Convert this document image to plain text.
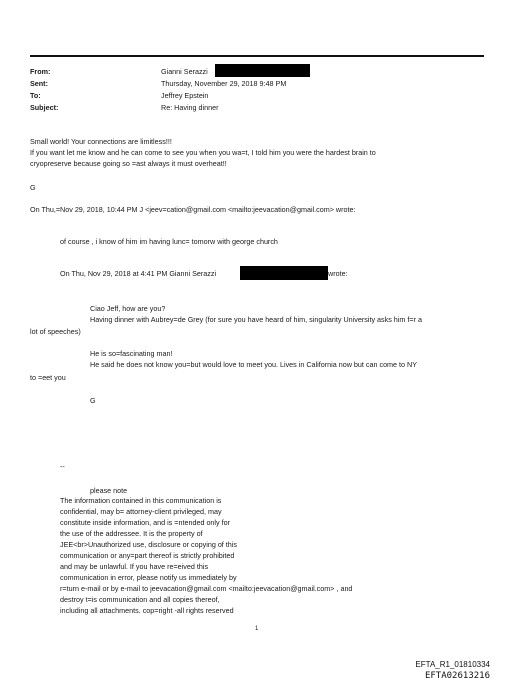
From:	Gianni Serazzi
Sent:	Thursday, November 29, 2018 9:48 PM
To:	Jeffrey Epstein
Subject:	Re: Having dinner
Small world! Your connections are limitless!!!
If you want let me know and he can come to see you when you wa=t, I told him you were the hardest brain to
cryopreserve because going so =ast always it must overheat!!
G
On Thu,=Nov 29, 2018, 10:44 PM J <jeev=cation@gmail.com <mailto:jeevacation@gmail.com> wrote:
of course , i know of him im having lunc= tomorw with george church
On Thu, Nov 29, 2018 at 4:41 PM Gianni Serazzi	wrote:
Ciao Jeff, how are you?
Having dinner with Aubrey=de Grey (for sure you have heard of him, singularity University asks him f=r a
lot of speeches)
He is so=fascinating man!
He said he does not know you=but would love to meet you. Lives in California now but can come to NY
to =eet you
G
--
please note
The information contained in this communication is
confidential, may b= attorney-client privileged, may
constitute inside information, and is =ntended only for
the use of the addressee. It is the property of
JEE<br>Unauthorized use, disclosure or copying of this
communication or any=part thereof is strictly prohibited
and may be unlawful. If you have re=eived this
communication in error, please notify us immediately by
r=turn e-mail or by e-mail to jeevacation@gmail.com <mailto:jeevacation@gmail.com> , and
destroy t=is communication and all copies thereof,
including all attachments. cop=right -all rights reserved
1
EFTA_R1_01810334
EFTA02613216
